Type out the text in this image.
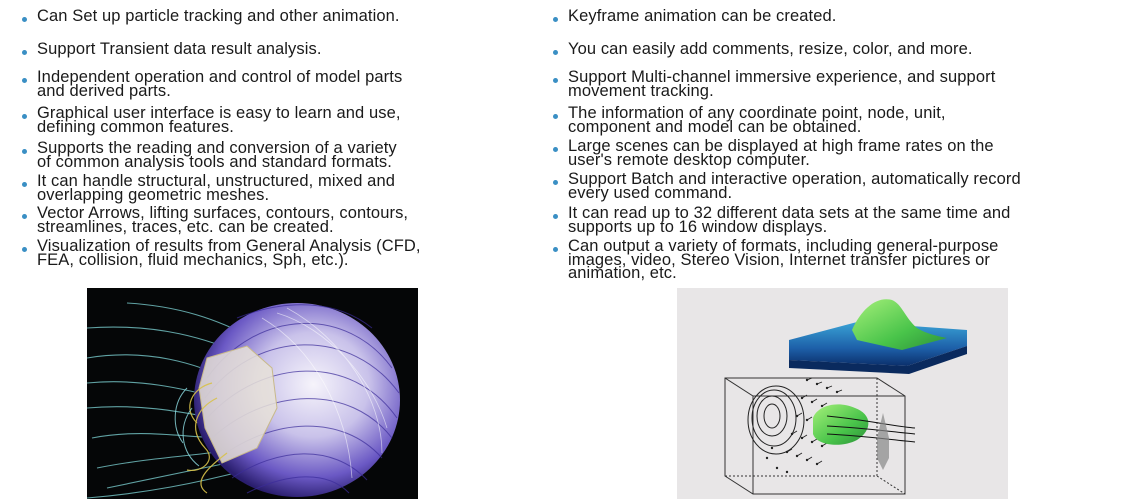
Can Set up particle tracking and other animation.
Support Transient data result analysis.
Independent operation and control of model parts
and derived parts.
Graphical user interface is easy to learn and use,
defining common features.
Supports the reading and conversion of a variety
of common analysis tools and standard formats.
It can handle structural, unstructured, mixed and
overlapping geometric meshes.
Vector Arrows, lifting surfaces, contours, contours,
streamlines, traces, etc. can be created.
Visualization of results from General Analysis (CFD,
FEA, collision, fluid mechanics, Sph, etc.).
Keyframe animation can be created.
You can easily add comments, resize, color, and more.
Support Multi-channel immersive experience, and support
movement tracking.
The information of any coordinate point, node, unit,
component and model can be obtained.
Large scenes can be displayed at high frame rates on the
user's remote desktop computer.
Support Batch and interactive operation, automatically record
every used command.
It can read up to 32 different data sets at the same time and
supports up to 16 window displays.
Can output a variety of formats, including general-purpose
images, video, Stereo Vision, Internet transfer pictures or
animation, etc.
